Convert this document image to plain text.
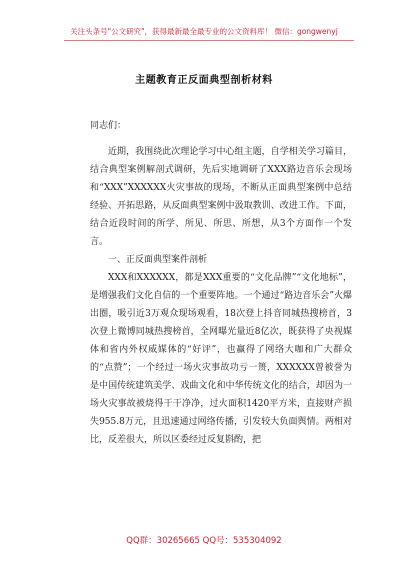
关注头条号"公文研究"，获得最新最全最专业的公文资料库！ 微信：gongwenyj
主题教育正反面典型剖析材料

同志们：

近期，我围绕此次理论学习中心组主题，自学相关学习篇目，结合典型案例解剖式调研，先后实地调研了XXX路边音乐会现场和“XXX”XXXXXX火灾事故的现场，不断从正面典型案例中总结经验、开拓思路，从反面典型案例中汲取教训、改进工作。下面，结合近段时间的所学、所见、所思、所想，从3个方面作一个发言。

一、正反面典型案件剖析

XXX和XXXXXX，都是XXX重要的“文化品牌”“文化地标”，是增强我们文化自信的一个重要阵地。一个通过“路边音乐会”火爆出圈，吸引近3万观众现场观看，18次登上抖音同城热搜榜首，3次登上微博同城热搜榜首，全网曝光量近8亿次，既获得了央视媒体和省内外权威媒体的“好评”，也赢得了网络大咖和广大群众的“点赞”；一个经过一场火灾事故功亏一篑，XXXXXX曾被誉为是中国传统建筑美学、戏曲文化和中华传统文化的结合，却因为一场火灾事故被烧得干干净净，过火面积1420平方米，直接财产损失955.8万元，且迅速通过网络传播，引发较大负面舆情。两相对比，反差很大，所以区委经过反复斟酌，把

QQ群：30265665 QQ号：535304092
